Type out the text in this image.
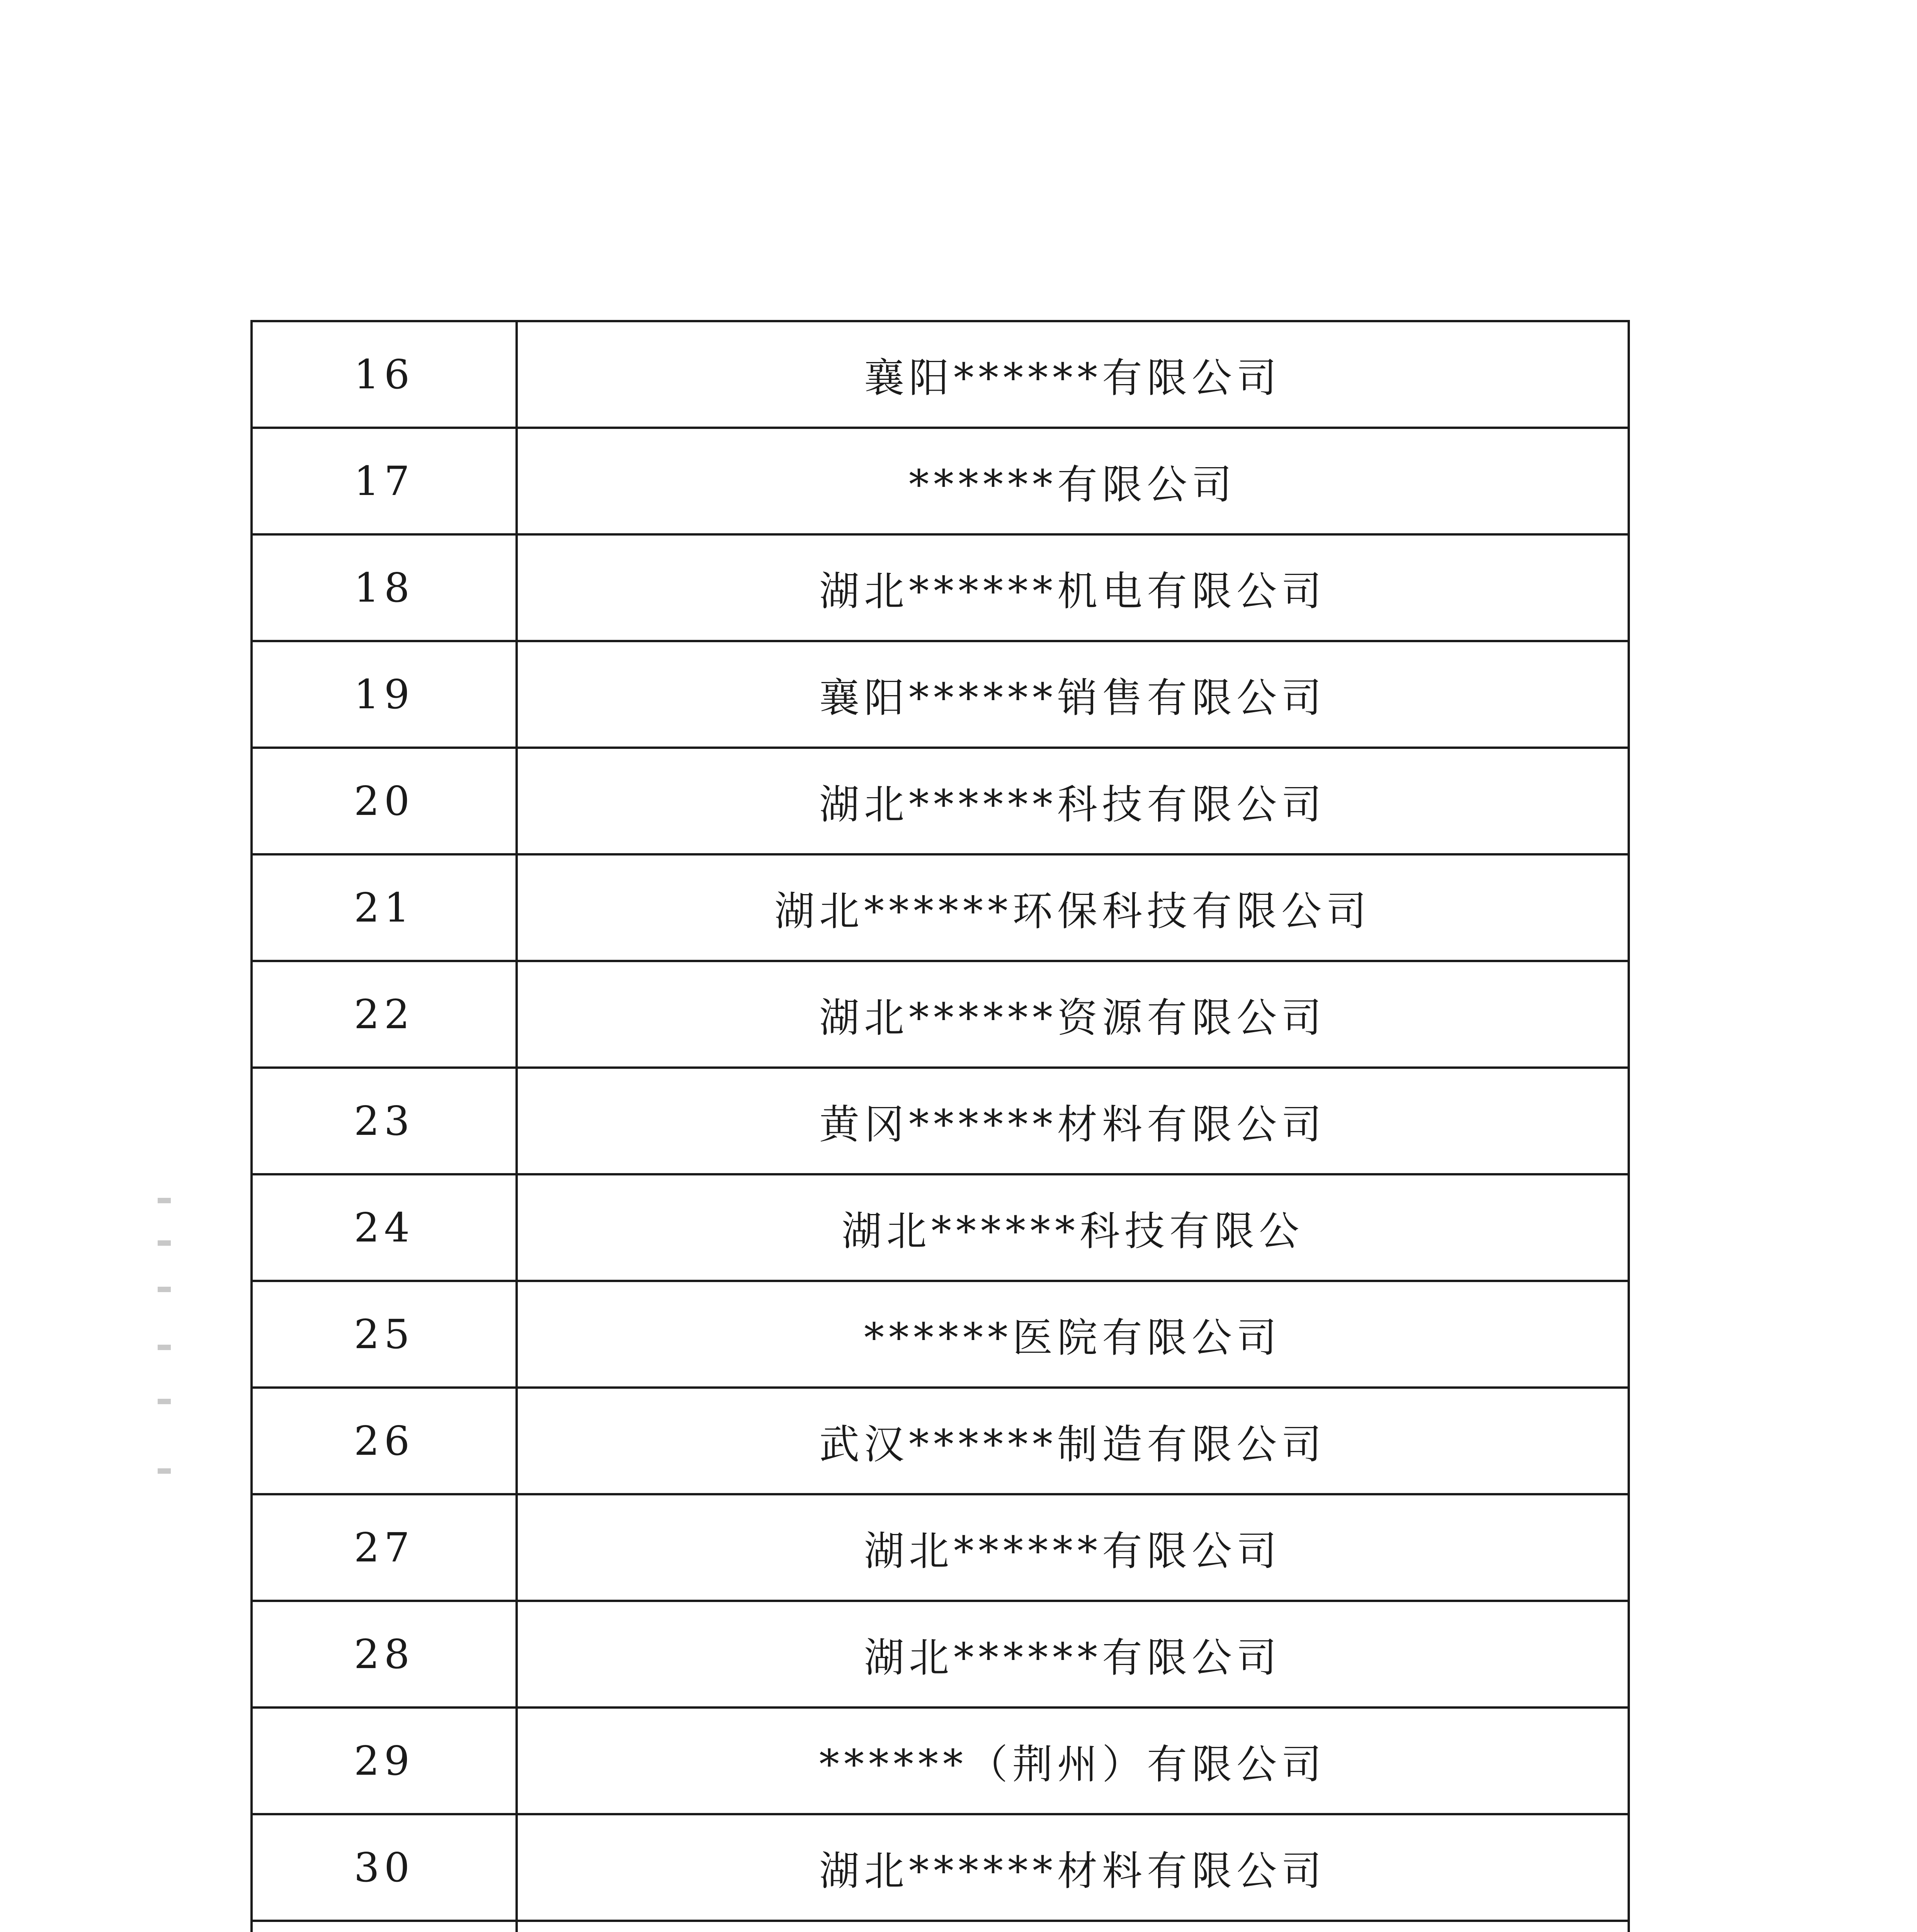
16	襄阳******有限公司
17	******有限公司
18	湖北******机电有限公司
19	襄阳******销售有限公司
20	湖北******科技有限公司
21	湖北******环保科技有限公司
22	湖北******资源有限公司
23	黄冈******材料有限公司
24	湖北******科技有限公
25	******医院有限公司
26	武汉******制造有限公司
27	湖北******有限公司
28	湖北******有限公司
29	******（荆州）有限公司
30	湖北******材料有限公司
